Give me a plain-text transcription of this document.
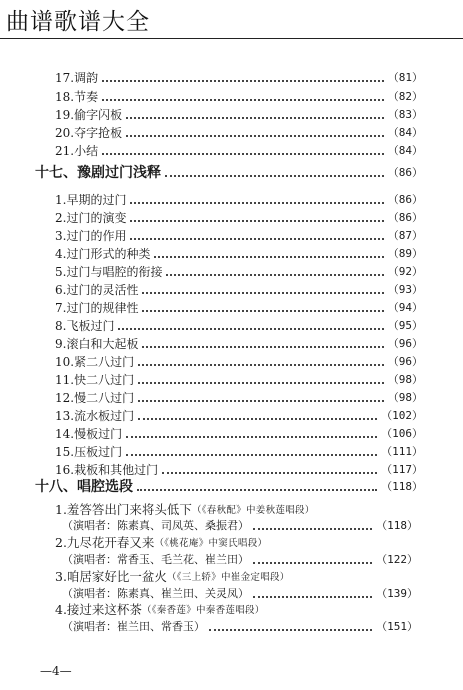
曲谱歌谱大全
17.调韵	（81）
18.节奏	（82）
19.偷字闪板	（83）
20.夺字抢板	（84）
21.小结	（84）
十七、豫剧过门浅释	（86）
1.早期的过门	（86）
2.过门的演变	（86）
3.过门的作用	（87）
4.过门形式的种类	（89）
5.过门与唱腔的衔接	（92）
6.过门的灵活性	（93）
7.过门的规律性	（94）
8.飞板过门	（95）
9.滚白和大起板	（96）
10.紧二八过门	（96）
11.快二八过门	（98）
12.慢二八过门	（98）
13.流水板过门	（102）
14.慢板过门	（106）
15.压板过门	（111）
16.栽板和其他过门	（117）
十八、唱腔选段	（118）
1.羞答答出门来将头低下 （《春秋配》中姜秋莲唱段）
（演唱者：陈素真、司凤英、桑振君）	（118）
2.九尽花开春又来 （《桃花庵》中窦氏唱段）
（演唱者：常香玉、毛兰花、崔兰田）	（122）
3.咱居家好比一盆火 （《三上轿》中崔金定唱段）
（演唱者：陈素真、崔兰田、关灵凤）	（139）
4.接过来这杯茶 （《秦香莲》中秦香莲唱段）
（演唱者：崔兰田、常香玉）	（151）
—4—
